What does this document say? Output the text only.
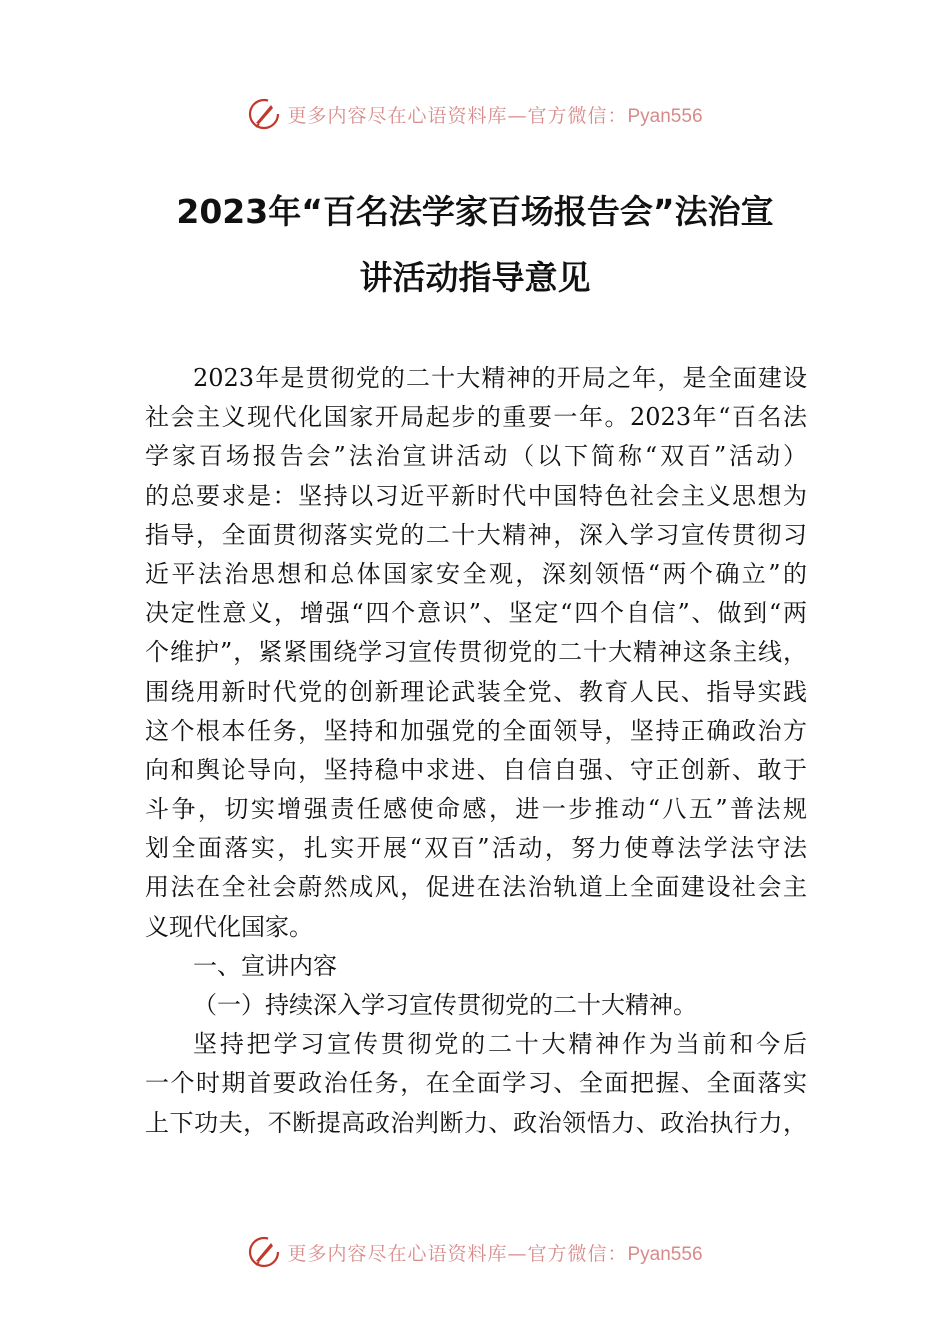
更多内容尽在心语资料库—官方微信：Pyan556
2023年“百名法学家百场报告会”法治宣
讲活动指导意见
2023年是贯彻党的二十大精神的开局之年，是全面建设
社会主义现代化国家开局起步的重要一年。2023年“百名法
学家百场报告会”法治宣讲活动（以下简称“双百”活动）
的总要求是：坚持以习近平新时代中国特色社会主义思想为
指导，全面贯彻落实党的二十大精神，深入学习宣传贯彻习
近平法治思想和总体国家安全观，深刻领悟“两个确立”的
决定性意义，增强“四个意识”、坚定“四个自信”、做到“两
个维护”，紧紧围绕学习宣传贯彻党的二十大精神这条主线，
围绕用新时代党的创新理论武装全党、教育人民、指导实践
这个根本任务，坚持和加强党的全面领导，坚持正确政治方
向和舆论导向，坚持稳中求进、自信自强、守正创新、敢于
斗争，切实增强责任感使命感，进一步推动“八五”普法规
划全面落实，扎实开展“双百”活动，努力使尊法学法守法
用法在全社会蔚然成风，促进在法治轨道上全面建设社会主
义现代化国家。
一、宣讲内容
（一）持续深入学习宣传贯彻党的二十大精神。
坚持把学习宣传贯彻党的二十大精神作为当前和今后
一个时期首要政治任务，在全面学习、全面把握、全面落实
上下功夫，不断提高政治判断力、政治领悟力、政治执行力，
更多内容尽在心语资料库—官方微信：Pyan556
